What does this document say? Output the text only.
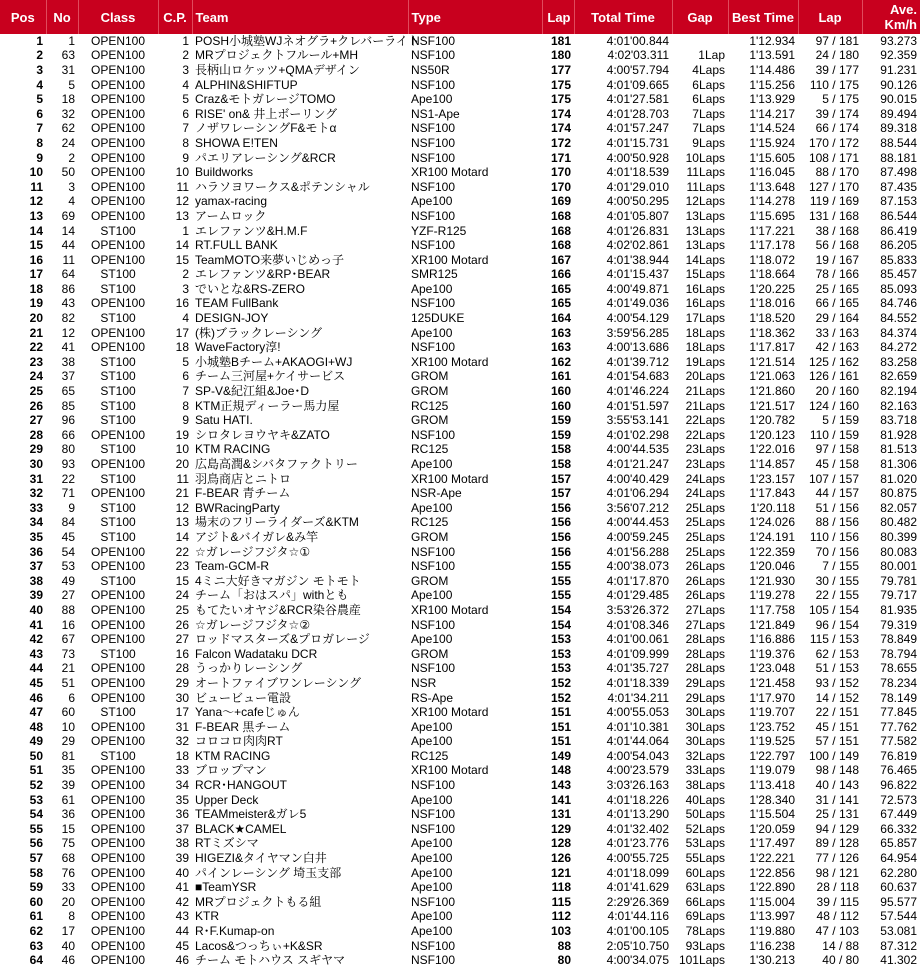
Pos	No	Class	C.P.	Team	Type	Lap	Total Time	Gap	Best Time	Lap	Ave. Km/h
1	1	OPEN100	1	POSH小城塾WJネオグラ+クレバーライト	NSF100	181	4:01'00.844		1'12.934	97 / 181	93.273
2	63	OPEN100	2	MRプロジェクトフルール+MH	NSF100	180	4:02'03.311	1Lap	1'13.591	24 / 180	92.359
3	31	OPEN100	3	長柄山ロケッツ+QMAデザイン	NS50R	177	4:00'57.794	4Laps	1'14.486	39 / 177	91.231
4	5	OPEN100	4	ALPHIN&SHIFTUP	NSF100	175	4:01'09.665	6Laps	1'15.256	110 / 175	90.126
5	18	OPEN100	5	Craz&モトガレージTOMO	Ape100	175	4:01'27.581	6Laps	1'13.929	5 / 175	90.015
6	32	OPEN100	6	RISE' on& 井上ボーリング	NS1-Ape	174	4:01'28.703	7Laps	1'14.217	39 / 174	89.494
7	62	OPEN100	7	ノザワレーシングF&モトα	NSF100	174	4:01'57.247	7Laps	1'14.524	66 / 174	89.318
8	24	OPEN100	8	SHOWA E!TEN	NSF100	172	4:01'15.731	9Laps	1'15.924	170 / 172	88.544
9	2	OPEN100	9	パエリアレーシング&RCR	NSF100	171	4:00'50.928	10Laps	1'15.605	108 / 171	88.181
10	50	OPEN100	10	Buildworks	XR100 Motard	170	4:01'18.539	11Laps	1'16.045	88 / 170	87.498
11	3	OPEN100	11	ハラソヨワークス&ポテンシャル	NSF100	170	4:01'29.010	11Laps	1'13.648	127 / 170	87.435
12	4	OPEN100	12	yamax-racing	Ape100	169	4:00'50.295	12Laps	1'14.278	119 / 169	87.153
13	69	OPEN100	13	アームロック	NSF100	168	4:01'05.807	13Laps	1'15.695	131 / 168	86.544
14	14	ST100	1	エレファンツ&H.M.F	YZF-R125	168	4:01'26.831	13Laps	1'17.221	38 / 168	86.419
15	44	OPEN100	14	RT.FULL BANK	NSF100	168	4:02'02.861	13Laps	1'17.178	56 / 168	86.205
16	11	OPEN100	15	TeamMOTO来夢いじめっ子	XR100 Motard	167	4:01'38.944	14Laps	1'18.072	19 / 167	85.833
17	64	ST100	2	エレファンツ&RP･BEAR	SMR125	166	4:01'15.437	15Laps	1'18.664	78 / 166	85.457
18	86	ST100	3	でいとな&RS-ZERO	Ape100	165	4:00'49.871	16Laps	1'20.225	25 / 165	85.093
19	43	OPEN100	16	TEAM FullBank	NSF100	165	4:01'49.036	16Laps	1'18.016	66 / 165	84.746
20	82	ST100	4	DESIGN-JOY	125DUKE	164	4:00'54.129	17Laps	1'18.520	29 / 164	84.552
21	12	OPEN100	17	(株)ブラックレーシング	Ape100	163	3:59'56.285	18Laps	1'18.362	33 / 163	84.374
22	41	OPEN100	18	WaveFactory淳!	NSF100	163	4:00'13.686	18Laps	1'17.817	42 / 163	84.272
23	38	ST100	5	小城塾Bチーム+AKAOGI+WJ	XR100 Motard	162	4:01'39.712	19Laps	1'21.514	125 / 162	83.258
24	37	ST100	6	チーム三河屋+ケイサービス	GROM	161	4:01'54.683	20Laps	1'21.063	126 / 161	82.659
25	65	ST100	7	SP-V&紀江組&Joe･D	GROM	160	4:01'46.224	21Laps	1'21.860	20 / 160	82.194
26	85	ST100	8	KTM正規ディーラー馬力屋	RC125	160	4:01'51.597	21Laps	1'21.517	124 / 160	82.163
27	96	ST100	9	Satu HATI.	GROM	159	3:55'53.141	22Laps	1'20.782	5 / 159	83.718
28	66	OPEN100	19	シロタレヨウヤキ&ZATO	NSF100	159	4:01'02.298	22Laps	1'20.123	110 / 159	81.928
29	80	ST100	10	KTM RACING	RC125	158	4:00'44.535	23Laps	1'22.016	97 / 158	81.513
30	93	OPEN100	20	広島高潤&シバタファクトリー	Ape100	158	4:01'21.247	23Laps	1'14.857	45 / 158	81.306
31	22	ST100	11	羽鳥商店とニトロ	XR100 Motard	157	4:00'40.429	24Laps	1'23.157	107 / 157	81.020
32	71	OPEN100	21	F-BEAR 青チーム	NSR-Ape	157	4:01'06.294	24Laps	1'17.843	44 / 157	80.875
33	9	ST100	12	BWRacingParty	Ape100	156	3:56'07.212	25Laps	1'20.118	51 / 156	82.057
34	84	ST100	13	場末のフリーライダーズ&KTM	RC125	156	4:00'44.453	25Laps	1'24.026	88 / 156	80.482
35	45	ST100	14	アジト&バイガレ&み竿	GROM	156	4:00'59.245	25Laps	1'24.191	110 / 156	80.399
36	54	OPEN100	22	☆ガレージフジタ☆①	NSF100	156	4:01'56.288	25Laps	1'22.359	70 / 156	80.083
37	53	OPEN100	23	Team-GCM-R	NSF100	155	4:00'38.073	26Laps	1'20.046	7 / 155	80.001
38	49	ST100	15	4ミニ大好きマガジン モトモト	GROM	155	4:01'17.870	26Laps	1'21.930	30 / 155	79.781
39	27	OPEN100	24	チーム「おはスパ」withとも	Ape100	155	4:01'29.485	26Laps	1'19.278	22 / 155	79.717
40	88	OPEN100	25	もてたいオヤジ&RCR染谷農産	XR100 Motard	154	3:53'26.372	27Laps	1'17.758	105 / 154	81.935
41	16	OPEN100	26	☆ガレージフジタ☆②	NSF100	154	4:01'08.346	27Laps	1'21.849	96 / 154	79.319
42	67	OPEN100	27	ロッドマスターズ&プロガレージ	Ape100	153	4:01'00.061	28Laps	1'16.886	115 / 153	78.849
43	73	ST100	16	Falcon Wadataku DCR	GROM	153	4:01'09.999	28Laps	1'19.376	62 / 153	78.794
44	21	OPEN100	28	うっかりレーシング	NSF100	153	4:01'35.727	28Laps	1'23.048	51 / 153	78.655
45	51	OPEN100	29	オートファイブワンレーシング	NSR	152	4:01'18.339	29Laps	1'21.458	93 / 152	78.234
46	6	OPEN100	30	ビュービュー電設	RS-Ape	152	4:01'34.211	29Laps	1'17.970	14 / 152	78.149
47	60	ST100	17	Yana〜+cafeじゅん	XR100 Motard	151	4:00'55.053	30Laps	1'19.707	22 / 151	77.845
48	10	OPEN100	31	F-BEAR 黒チーム	Ape100	151	4:01'10.381	30Laps	1'23.752	45 / 151	77.762
49	29	OPEN100	32	コロコロ肉肉RT	Ape100	151	4:01'44.064	30Laps	1'19.525	57 / 151	77.582
50	81	ST100	18	KTM RACING	RC125	149	4:00'54.043	32Laps	1'22.797	100 / 149	76.819
51	35	OPEN100	33	ブロップマン	XR100 Motard	148	4:00'23.579	33Laps	1'19.079	98 / 148	76.465
52	39	OPEN100	34	RCR･HANGOUT	NSF100	143	3:03'26.163	38Laps	1'13.418	40 / 143	96.822
53	61	OPEN100	35	Upper Deck	Ape100	141	4:01'18.226	40Laps	1'28.340	31 / 141	72.573
54	36	OPEN100	36	TEAMmeister&ガレ5	NSF100	131	4:01'13.290	50Laps	1'15.504	25 / 131	67.449
55	15	OPEN100	37	BLACK★CAMEL	NSF100	129	4:01'32.402	52Laps	1'20.059	94 / 129	66.332
56	75	OPEN100	38	RTミズシマ	Ape100	128	4:01'23.776	53Laps	1'17.497	89 / 128	65.857
57	68	OPEN100	39	HIGEZI&タイヤマン白井	Ape100	126	4:00'55.725	55Laps	1'22.221	77 / 126	64.954
58	76	OPEN100	40	パインレーシング 埼玉支部	Ape100	121	4:01'18.099	60Laps	1'22.856	98 / 121	62.280
59	33	OPEN100	41	■TeamYSR	Ape100	118	4:01'41.629	63Laps	1'22.890	28 / 118	60.637
60	20	OPEN100	42	MRプロジェクトもる組	NSF100	115	2:29'26.369	66Laps	1'15.004	39 / 115	95.577
61	8	OPEN100	43	KTR	Ape100	112	4:01'44.116	69Laps	1'13.997	48 / 112	57.544
62	17	OPEN100	44	R･F.Kumap-on	Ape100	103	4:01'00.105	78Laps	1'19.880	47 / 103	53.081
63	40	OPEN100	45	Lacos&つっちぃ+K&SR	NSF100	88	2:05'10.750	93Laps	1'16.238	14 / 88	87.312
64	46	OPEN100	46	チーム モトハウス スギヤマ	NSF100	80	4:00'34.075	101Laps	1'30.213	40 / 80	41.302
